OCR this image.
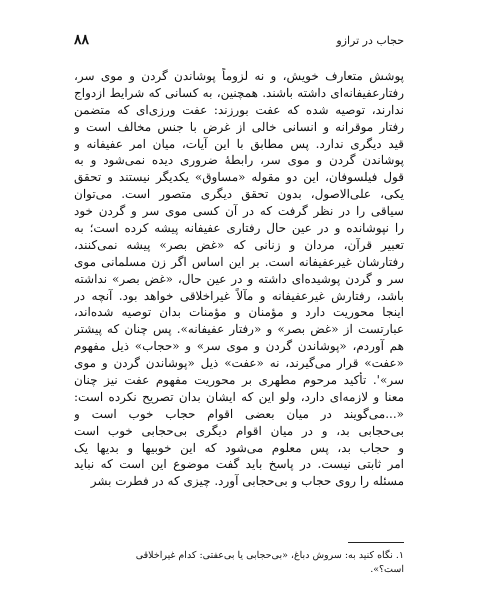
۸۸	حجاب در ترازو
پوشش متعارف خویش، و نه لزوماً پوشاندن گردن و موی سر،
رفتارعفیفانه‌ای داشته باشند. همچنین، به کسانی که شرایط ازدواج
ندارند، توصیه شده که عفت بورزند: عفت ورزی‌ای که متضمن
رفتار موقرانه و انسانی خالی از غرض با جنس مخالف است و
قید دیگری ندارد. پس مطابق با این آیات، میان امر عفیفانه و
پوشاندن گردن و موی سر، رابطهٔ ضروری دیده نمی‌شود و به
قول فیلسوفان، این دو مقوله «مساوق» یکدیگر نیستند و تحقق
یکی، علی‌الاصول، بدون تحقق دیگری متصور است. می‌توان
سیاقی را در نظر گرفت که در آن کسی موی سر و گردن خود
را نپوشانده و در عین حال رفتاری عفیفانه پیشه کرده است؛ به
تعبیر قرآن، مردان و زنانی که «غض بصر» پیشه نمی‌کنند،
رفتارشان غیرعفیفانه است. بر این اساس اگر زن مسلمانی موی
سر و گردن پوشیده‌ای داشته و در عین حال، «غض بصر» نداشته
باشد، رفتارش غیرعفیفانه و مآلاً غیراخلاقی خواهد بود. آنچه در
اینجا محوریت دارد و مؤمنان و مؤمنات بدان توصیه شده‌اند،
عبارتست از «غض بصر» و «رفتار عفیفانه». پس چنان که پیشتر
هم آوردم، «پوشاندن گردن و موی سر» و «حجاب» ذیل مفهوم
«عفت» قرار می‌گیرند، نه «عفت» ذیل «پوشاندن گردن و موی
سر»'. تأکید مرحوم مطهری بر محوریت مفهوم عفت نیز چنان
معنا و لازمه‌ای دارد، ولو این که ایشان بدان تصریح نکرده است:
«...می‌گویند در میان بعضی اقوام حجاب خوب است و
بی‌حجابی بد، و در میان اقوام دیگری بی‌حجابی خوب است
و حجاب بد، پس معلوم می‌شود که این خوبیها و بدیها یک
امر ثابتی نیست. در پاسخ باید گفت موضوع این است که نباید
مسئله را روی حجاب و بی‌حجابی آورد. چیزی که در فطرت بشر
۱. نگاه کنید به: سروش دباغ، «بی‌حجابی یا بی‌عفتی: کدام غیراخلاقی
است؟».
